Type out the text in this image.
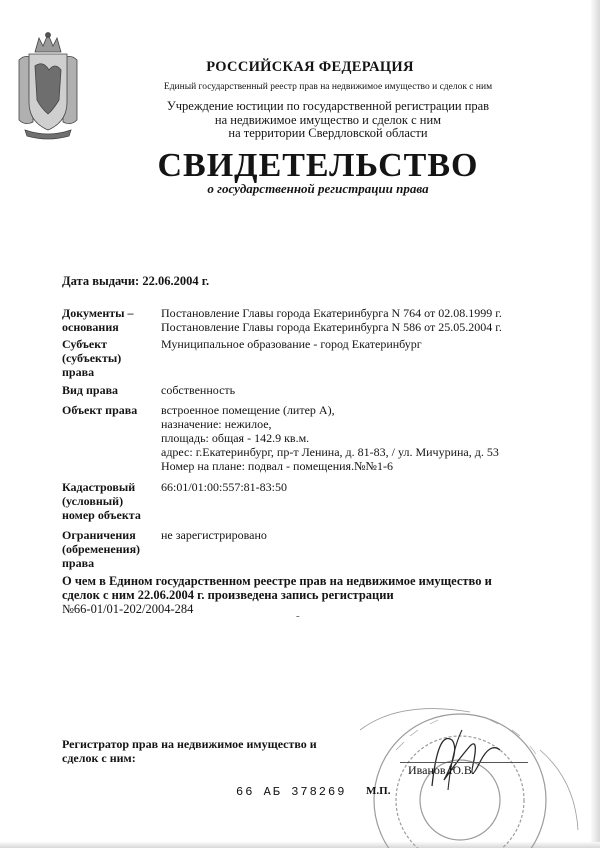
РОССИЙСКАЯ ФЕДЕРАЦИЯ
Единый государственный реестр прав на недвижимое имущество и сделок с ним
Учреждение юстиции по государственной регистрации прав
на недвижимое имущество и сделок с ним
на территории Свердловской области
СВИДЕТЕЛЬСТВО
о государственной регистрации права
Дата выдачи: 22.06.2004 г.
Документы –
основания
Постановление Главы города Екатеринбурга N 764 от 02.08.1999 г.
Постановление Главы города Екатеринбурга N 586 от 25.05.2004 г.
Субъект
(субъекты)
права
Муниципальное образование - город Екатеринбург
Вид права	собственность
Объект права встроенное помещение (литер А),
назначение: нежилое,
площадь: общая - 142.9 кв.м.
адрес: г.Екатеринбург, пр-т Ленина, д. 81-83, / ул. Мичурина, д. 53
Номер на плане: подвал - помещения.№№1-6
Кадастровый
(условный)
номер объекта
66:01/01:00:557:81-83:50
Ограничения
(обременения)
права
не зарегистрировано
О чем в Едином государственном реестре прав на недвижимое имущество и
сделок с ним 22.06.2004 г. произведена запись регистрации
№66-01/01-202/2004-284	-
Регистратор прав на недвижимое имущество и
сделок с ним:
Иванов Ю.В.
66 АБ 378269 М.П.
